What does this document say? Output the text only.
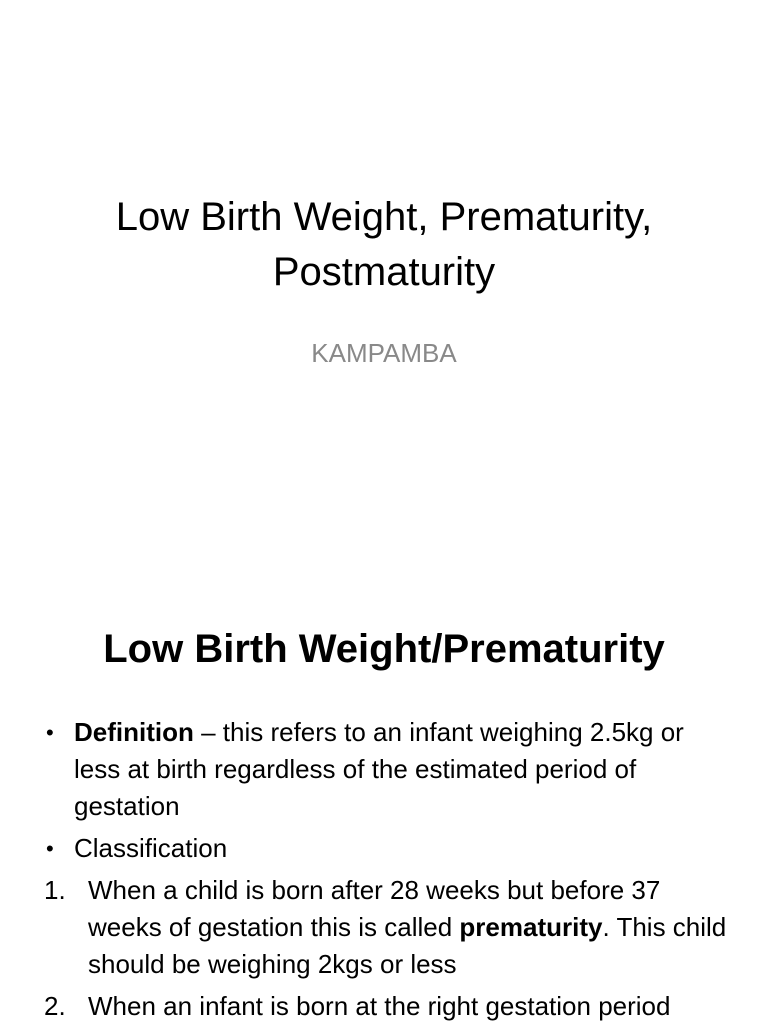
Low Birth Weight, Prematurity,
Postmaturity
KAMPAMBA
Low Birth Weight/Prematurity
• Definition – this refers to an infant weighing 2.5kg or less at birth regardless of the estimated period of gestation
• Classification
1. When a child is born after 28 weeks but before 37 weeks of gestation this is called prematurity. This child should be weighing 2kgs or less
2. When an infant is born at the right gestation period
